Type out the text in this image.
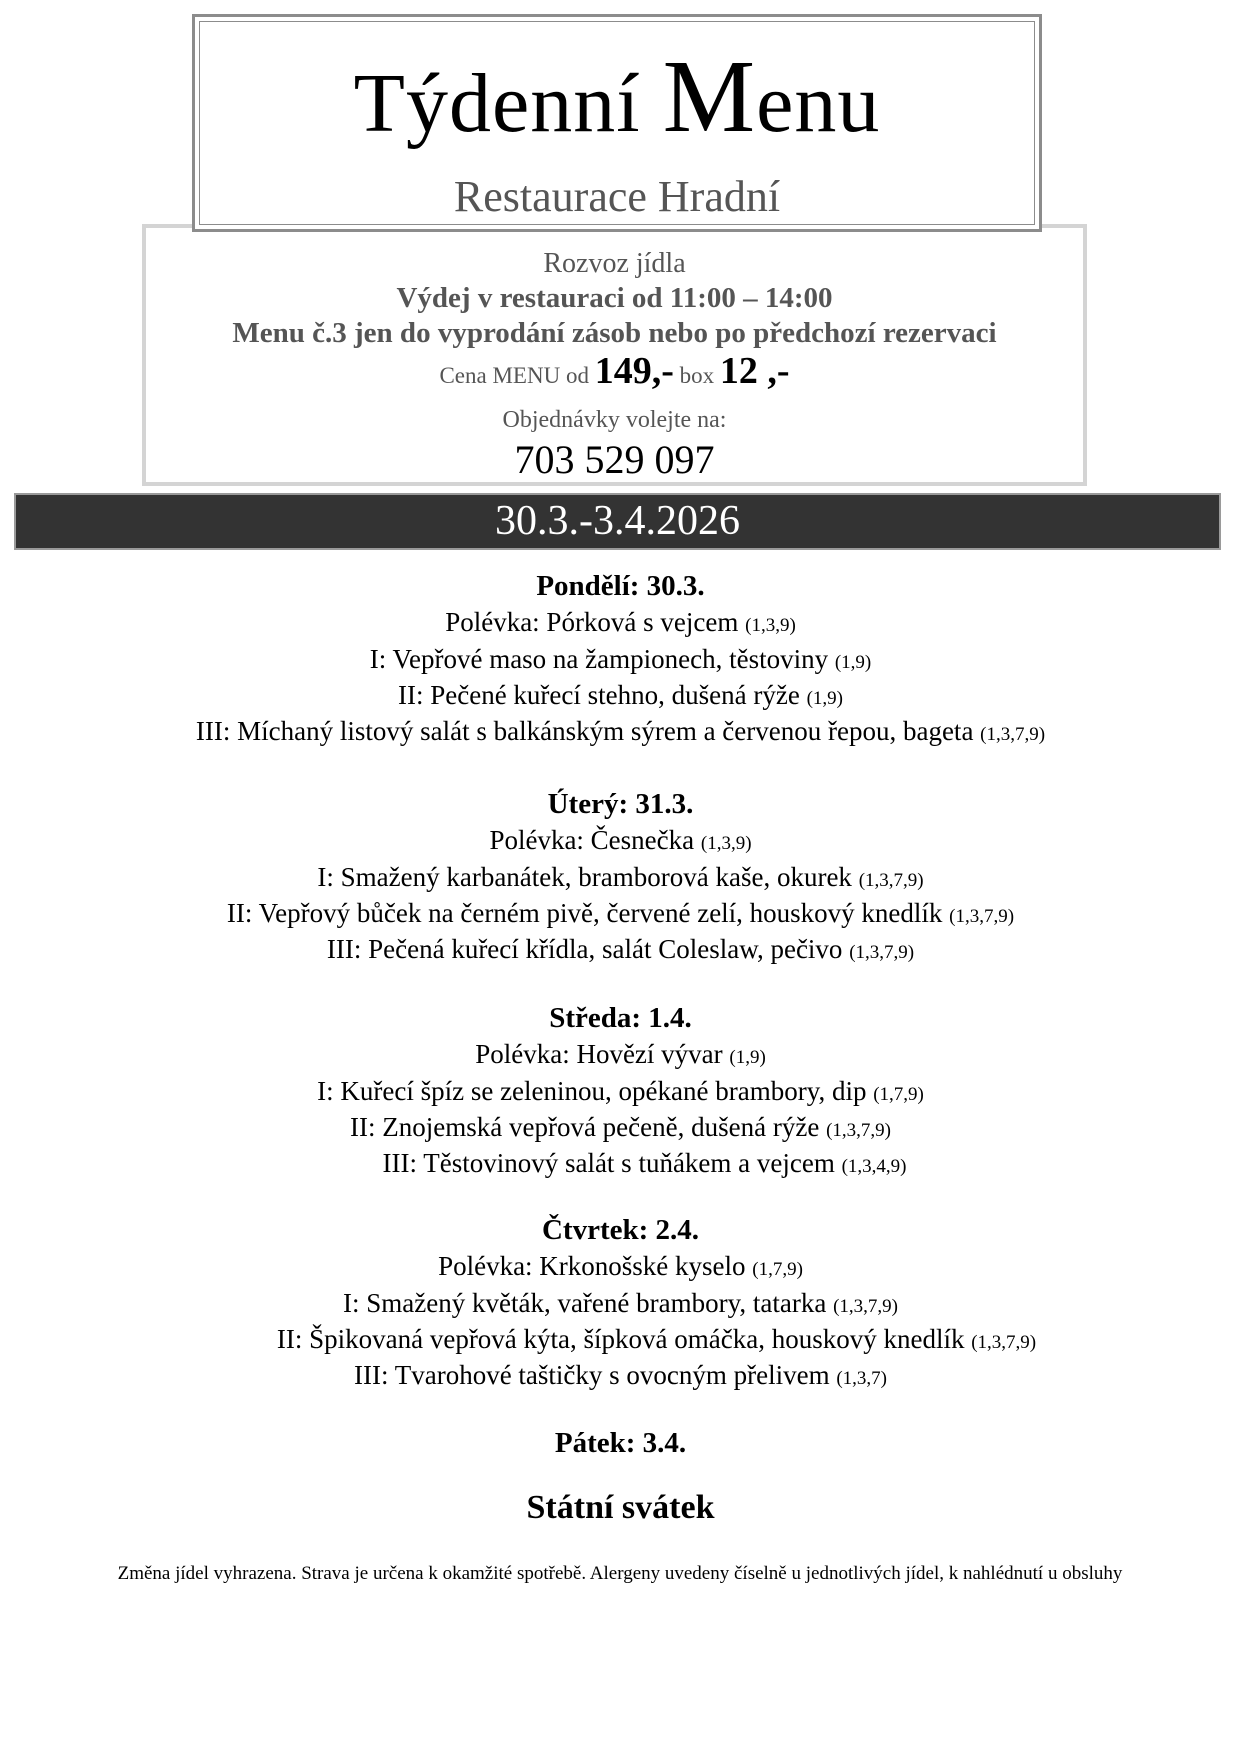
Týdenní Menu
Restaurace Hradní
Rozvoz jídla
Výdej v restauraci od 11:00 – 14:00
Menu č.3 jen do vyprodání zásob nebo po předchozí rezervaci
Cena MENU od 149,- box 12 ,-
Objednávky volejte na:
703 529 097
30.3.-3.4.2026
Pondělí: 30.3.
Polévka: Pórková s vejcem (1,3,9)
I: Vepřové maso na žampionech, těstoviny (1,9)
II: Pečené kuřecí stehno, dušená rýže (1,9)
III: Míchaný listový salát s balkánským sýrem a červenou řepou, bageta (1,3,7,9)
Úterý: 31.3.
Polévka: Česnečka (1,3,9)
I: Smažený karbanátek, bramborová kaše, okurek (1,3,7,9)
II: Vepřový bůček na černém pivě, červené zelí, houskový knedlík (1,3,7,9)
III: Pečená kuřecí křídla, salát Coleslaw, pečivo (1,3,7,9)
Středa: 1.4.
Polévka: Hovězí vývar (1,9)
I: Kuřecí špíz se zeleninou, opékané brambory, dip (1,7,9)
II: Znojemská vepřová pečeně, dušená rýže (1,3,7,9)
III: Těstovinový salát s tuňákem a vejcem (1,3,4,9)
Čtvrtek: 2.4.
Polévka: Krkonošské kyselo (1,7,9)
I: Smažený květák, vařené brambory, tatarka (1,3,7,9)
II: Špikovaná vepřová kýta, šípková omáčka, houskový knedlík (1,3,7,9)
III: Tvarohové taštičky s ovocným přelivem (1,3,7)
Pátek: 3.4.
Státní svátek
Změna jídel vyhrazena. Strava je určena k okamžité spotřebě. Alergeny uvedeny číselně u jednotlivých jídel, k nahlédnutí u obsluhy
